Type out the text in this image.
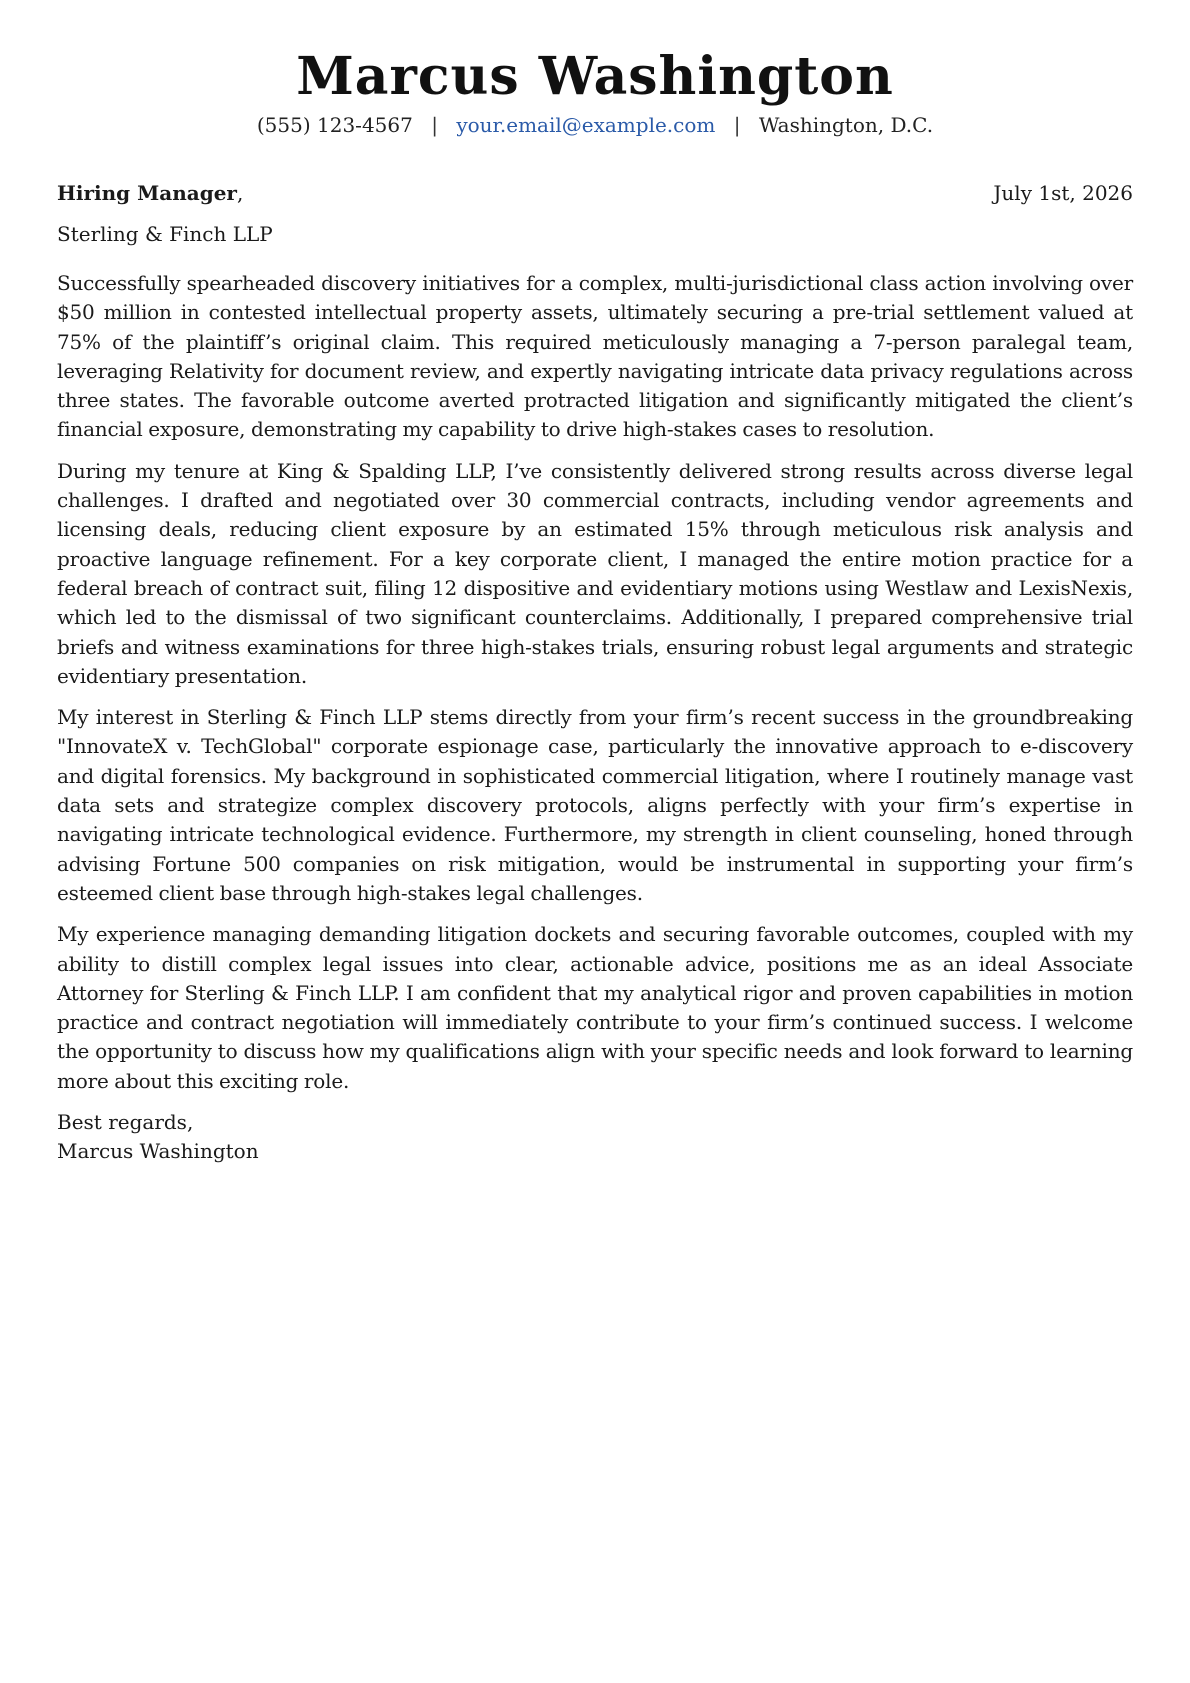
Marcus Washington
(555) 123-4567 | your.email@example.com | Washington, D.C.
Hiring Manager,	July 1st, 2026
Sterling & Finch LLP

Successfully spearheaded discovery initiatives for a complex, multi-jurisdictional class action involving over $50 million in contested intellectual property assets, ultimately securing a pre-trial settlement valued at 75% of the plaintiff’s original claim. This required meticulously managing a 7-person paralegal team, leveraging Relativity for document review, and expertly navigating intricate data privacy regulations across three states. The favorable outcome averted protracted litigation and significantly mitigated the client’s financial exposure, demonstrating my capability to drive high-stakes cases to resolution.

During my tenure at King & Spalding LLP, I’ve consistently delivered strong results across diverse legal challenges. I drafted and negotiated over 30 commercial contracts, including vendor agreements and licensing deals, reducing client exposure by an estimated 15% through meticulous risk analysis and proactive language refinement. For a key corporate client, I managed the entire motion practice for a federal breach of contract suit, filing 12 dispositive and evidentiary motions using Westlaw and LexisNexis, which led to the dismissal of two significant counterclaims. Additionally, I prepared comprehensive trial briefs and witness examinations for three high-stakes trials, ensuring robust legal arguments and strategic evidentiary presentation.

My interest in Sterling & Finch LLP stems directly from your firm’s recent success in the groundbreaking "InnovateX v. TechGlobal" corporate espionage case, particularly the innovative approach to e-discovery and digital forensics. My background in sophisticated commercial litigation, where I routinely manage vast data sets and strategize complex discovery protocols, aligns perfectly with your firm’s expertise in navigating intricate technological evidence. Furthermore, my strength in client counseling, honed through advising Fortune 500 companies on risk mitigation, would be instrumental in supporting your firm’s esteemed client base through high-stakes legal challenges.

My experience managing demanding litigation dockets and securing favorable outcomes, coupled with my ability to distill complex legal issues into clear, actionable advice, positions me as an ideal Associate Attorney for Sterling & Finch LLP. I am confident that my analytical rigor and proven capabilities in motion practice and contract negotiation will immediately contribute to your firm’s continued success. I welcome the opportunity to discuss how my qualifications align with your specific needs and look forward to learning more about this exciting role.

Best regards,
Marcus Washington
